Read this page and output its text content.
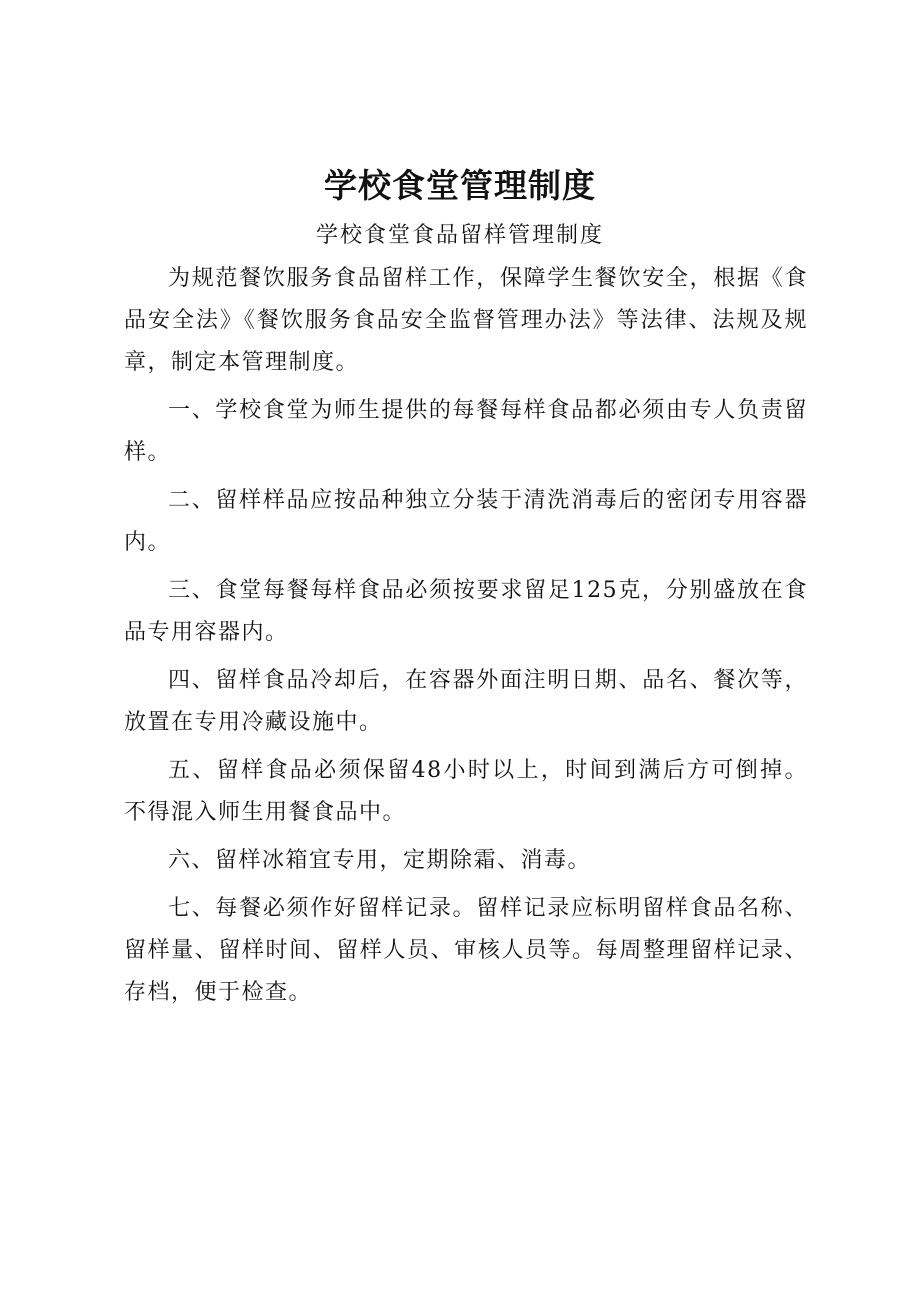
学校食堂管理制度
学校食堂食品留样管理制度

为规范餐饮服务食品留样工作，保障学生餐饮安全，根据《食品安全法》《餐饮服务食品安全监督管理办法》等法律、法规及规章，制定本管理制度。

一、学校食堂为师生提供的每餐每样食品都必须由专人负责留样。

二、留样样品应按品种独立分装于清洗消毒后的密闭专用容器内。

三、食堂每餐每样食品必须按要求留足125克，分别盛放在食品专用容器内。

四、留样食品冷却后，在容器外面注明日期、品名、餐次等，放置在专用冷藏设施中。

五、留样食品必须保留48小时以上，时间到满后方可倒掉。不得混入师生用餐食品中。

六、留样冰箱宜专用，定期除霜、消毒。

七、每餐必须作好留样记录。留样记录应标明留样食品名称、留样量、留样时间、留样人员、审核人员等。每周整理留样记录、存档，便于检查。
